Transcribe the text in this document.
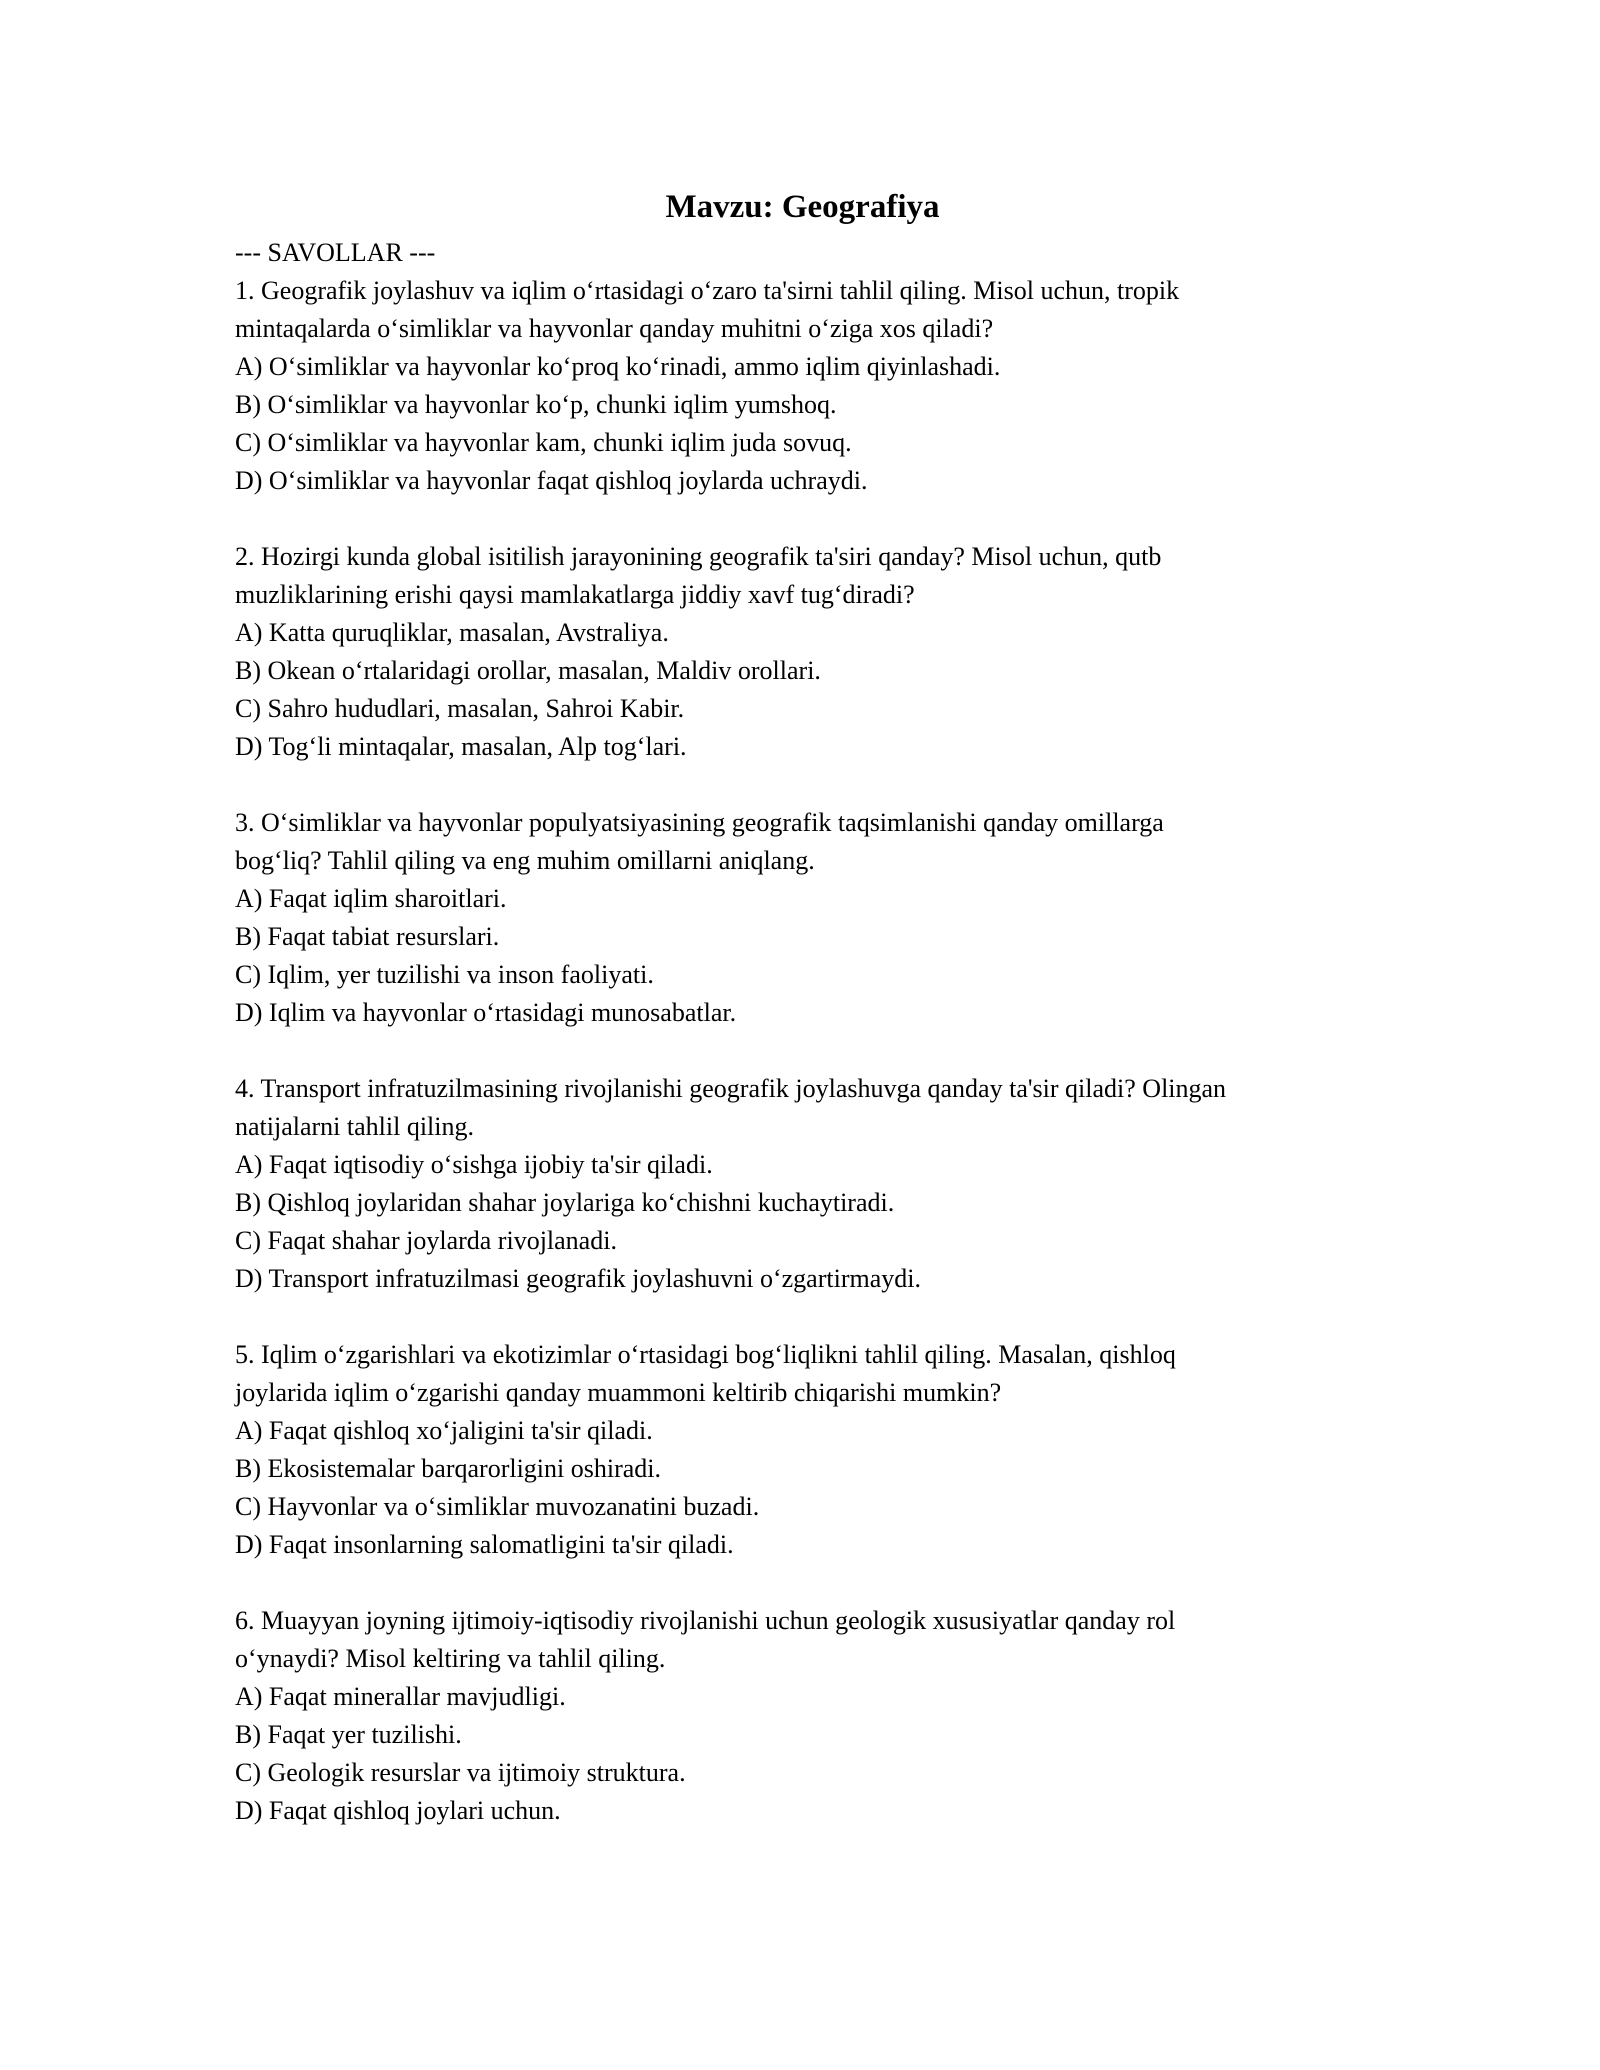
Mavzu: Geografiya
--- SAVOLLAR ---
1. Geografik joylashuv va iqlim oʻrtasidagi oʻzaro ta'sirni tahlil qiling. Misol uchun, tropik
mintaqalarda oʻsimliklar va hayvonlar qanday muhitni oʻziga xos qiladi?
A) Oʻsimliklar va hayvonlar koʻproq koʻrinadi, ammo iqlim qiyinlashadi.
B) Oʻsimliklar va hayvonlar koʻp, chunki iqlim yumshoq.
C) Oʻsimliklar va hayvonlar kam, chunki iqlim juda sovuq.
D) Oʻsimliklar va hayvonlar faqat qishloq joylarda uchraydi.
2. Hozirgi kunda global isitilish jarayonining geografik ta'siri qanday? Misol uchun, qutb
muzliklarining erishi qaysi mamlakatlarga jiddiy xavf tugʻdiradi?
A) Katta quruqliklar, masalan, Avstraliya.
B) Okean oʻrtalaridagi orollar, masalan, Maldiv orollari.
C) Sahro hududlari, masalan, Sahroi Kabir.
D) Togʻli mintaqalar, masalan, Alp togʻlari.
3. Oʻsimliklar va hayvonlar populyatsiyasining geografik taqsimlanishi qanday omillarga
bogʻliq? Tahlil qiling va eng muhim omillarni aniqlang.
A) Faqat iqlim sharoitlari.
B) Faqat tabiat resurslari.
C) Iqlim, yer tuzilishi va inson faoliyati.
D) Iqlim va hayvonlar oʻrtasidagi munosabatlar.
4. Transport infratuzilmasining rivojlanishi geografik joylashuvga qanday ta'sir qiladi? Olingan
natijalarni tahlil qiling.
A) Faqat iqtisodiy oʻsishga ijobiy ta'sir qiladi.
B) Qishloq joylaridan shahar joylariga koʻchishni kuchaytiradi.
C) Faqat shahar joylarda rivojlanadi.
D) Transport infratuzilmasi geografik joylashuvni oʻzgartirmaydi.
5. Iqlim oʻzgarishlari va ekotizimlar oʻrtasidagi bogʻliqlikni tahlil qiling. Masalan, qishloq
joylarida iqlim oʻzgarishi qanday muammoni keltirib chiqarishi mumkin?
A) Faqat qishloq xoʻjaligini ta'sir qiladi.
B) Ekosistemalar barqarorligini oshiradi.
C) Hayvonlar va oʻsimliklar muvozanatini buzadi.
D) Faqat insonlarning salomatligini ta'sir qiladi.
6. Muayyan joyning ijtimoiy-iqtisodiy rivojlanishi uchun geologik xususiyatlar qanday rol
oʻynaydi? Misol keltiring va tahlil qiling.
A) Faqat minerallar mavjudligi.
B) Faqat yer tuzilishi.
C) Geologik resurslar va ijtimoiy struktura.
D) Faqat qishloq joylari uchun.
